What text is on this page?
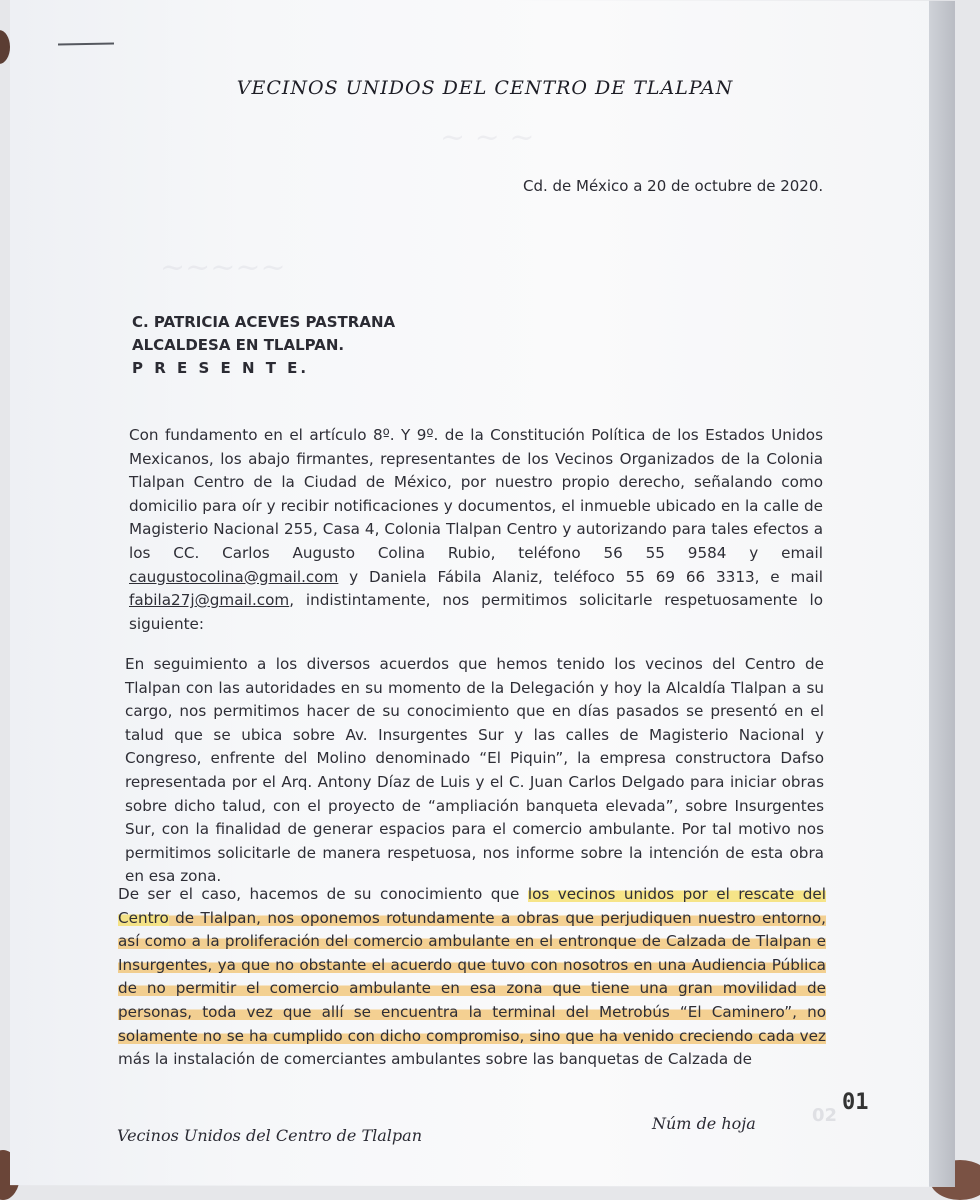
~ ~ ~
~~~~~
VECINOS UNIDOS DEL CENTRO DE TLALPAN
Cd. de México a 20 de octubre de 2020.
C. PATRICIA ACEVES PASTRANA
ALCALDESA EN TLALPAN.
P R E S E N T E.
Con fundamento en el artículo 8º. Y 9º. de la Constitución Política de los Estados Unidos Mexicanos, los abajo firmantes, representantes de los Vecinos Organizados de la Colonia Tlalpan Centro de la Ciudad de México, por nuestro propio derecho, señalando como domicilio para oír y recibir notificaciones y documentos, el inmueble ubicado en la calle de Magisterio Nacional 255, Casa 4, Colonia Tlalpan Centro y autorizando para tales efectos a los CC. Carlos Augusto Colina Rubio, teléfono 56 55 9584 y email caugustocolina@gmail.com y Daniela Fábila Alaniz, teléfoco 55 69 66 3313, e mail fabila27j@gmail.com, indistintamente, nos permitimos solicitarle respetuosamente lo siguiente:
En seguimiento a los diversos acuerdos que hemos tenido los vecinos del Centro de Tlalpan con las autoridades en su momento de la Delegación y hoy la Alcaldía Tlalpan a su cargo, nos permitimos hacer de su conocimiento que en días pasados se presentó en el talud que se ubica sobre Av. Insurgentes Sur y las calles de Magisterio Nacional y Congreso, enfrente del Molino denominado “El Piquin”, la empresa constructora Dafso representada por el Arq. Antony Díaz de Luis y el C. Juan Carlos Delgado para iniciar obras sobre dicho talud, con el proyecto de “ampliación banqueta elevada”, sobre Insurgentes Sur, con la finalidad de generar espacios para el comercio ambulante. Por tal motivo nos permitimos solicitarle de manera respetuosa, nos informe sobre la intención de esta obra en esa zona.
De ser el caso, hacemos de su conocimiento que los vecinos unidos por el rescate del Centro de Tlalpan, nos oponemos rotundamente a obras que perjudiquen nuestro entorno, así como a la proliferación del comercio ambulante en el entronque de Calzada de Tlalpan e Insurgentes, ya que no obstante el acuerdo que tuvo con nosotros en una Audiencia Pública de no permitir el comercio ambulante en esa zona que tiene una gran movilidad de personas, toda vez que allí se encuentra la terminal del Metrobús “El Caminero”, no solamente no se ha cumplido con dicho compromiso, sino que ha venido creciendo cada vez más la instalación de comerciantes ambulantes sobre las banquetas de Calzada de
02
01
Vecinos Unidos del Centro de Tlalpan
Núm de hoja
